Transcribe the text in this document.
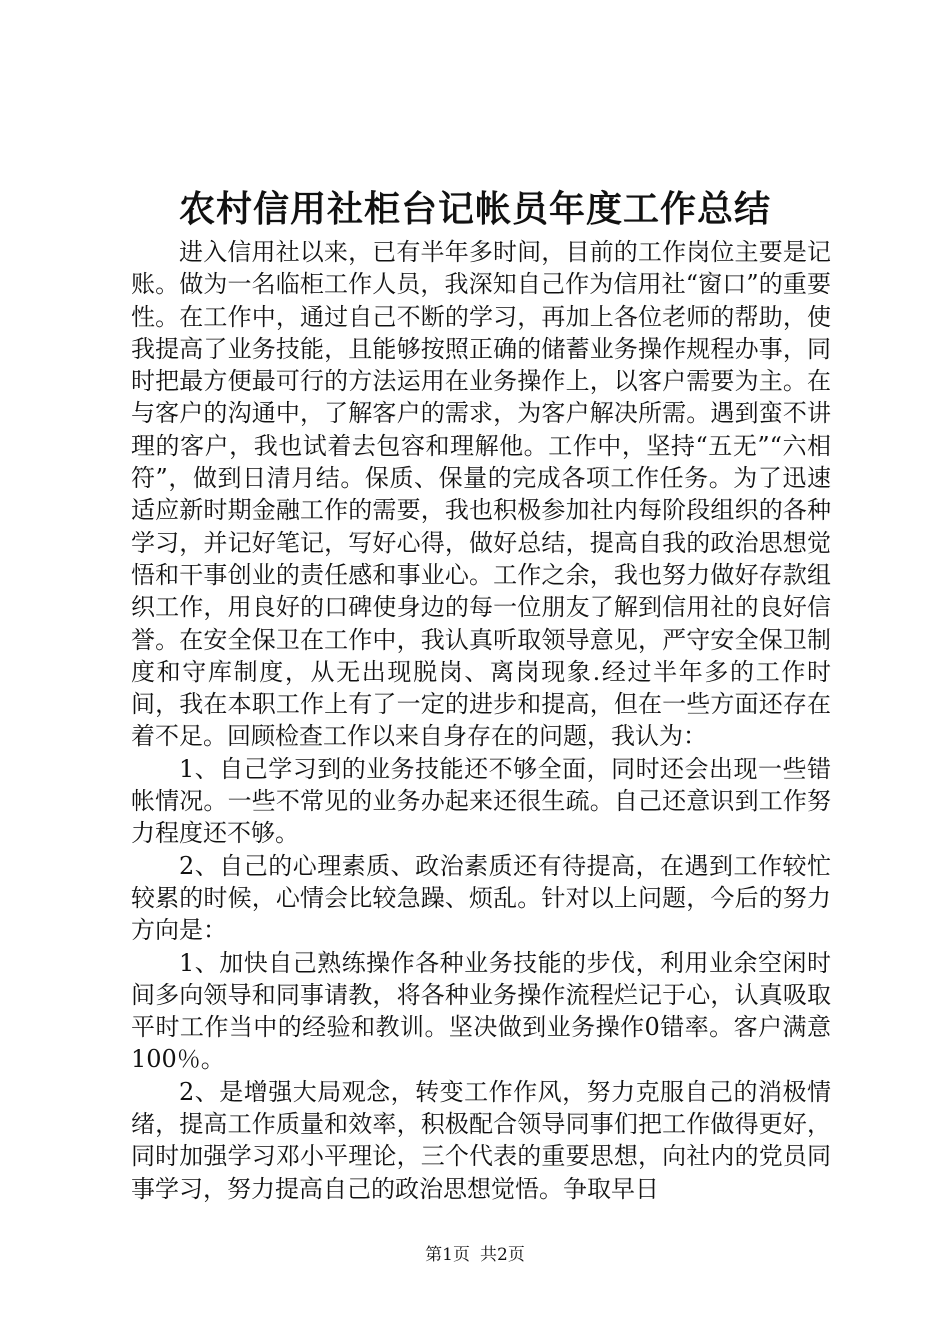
农村信用社柜台记帐员年度工作总结

进入信用社以来，已有半年多时间，目前的工作岗位主要是记账。做为一名临柜工作人员，我深知自己作为信用社“窗口”的重要性。在工作中，通过自己不断的学习，再加上各位老师的帮助，使我提高了业务技能，且能够按照正确的储蓄业务操作规程办事，同时把最方便最可行的方法运用在业务操作上，以客户需要为主。在与客户的沟通中，了解客户的需求，为客户解决所需。遇到蛮不讲理的客户，我也试着去包容和理解他。工作中，坚持“五无”“六相符”，做到日清月结。保质、保量的完成各项工作任务。为了迅速适应新时期金融工作的需要，我也积极参加社内每阶段组织的各种学习，并记好笔记，写好心得，做好总结，提高自我的政治思想觉悟和干事创业的责任感和事业心。工作之余，我也努力做好存款组织工作，用良好的口碑使身边的每一位朋友了解到信用社的良好信誉。在安全保卫在工作中，我认真听取领导意见，严守安全保卫制度和守库制度，从无出现脱岗、离岗现象.经过半年多的工作时间，我在本职工作上有了一定的进步和提高，但在一些方面还存在着不足。回顾检查工作以来自身存在的问题，我认为：

1、自己学习到的业务技能还不够全面，同时还会出现一些错帐情况。一些不常见的业务办起来还很生疏。自己还意识到工作努力程度还不够。

2、自己的心理素质、政治素质还有待提高，在遇到工作较忙较累的时候，心情会比较急躁、烦乱。针对以上问题，今后的努力方向是：

1、加快自己熟练操作各种业务技能的步伐，利用业余空闲时间多向领导和同事请教，将各种业务操作流程烂记于心，认真吸取平时工作当中的经验和教训。坚决做到业务操作0错率。客户满意100％。

2、是增强大局观念，转变工作作风，努力克服自己的消极情绪，提高工作质量和效率，积极配合领导同事们把工作做得更好，同时加强学习邓小平理论，三个代表的重要思想，向社内的党员同事学习，努力提高自己的政治思想觉悟。争取早日

第1页 共2页
